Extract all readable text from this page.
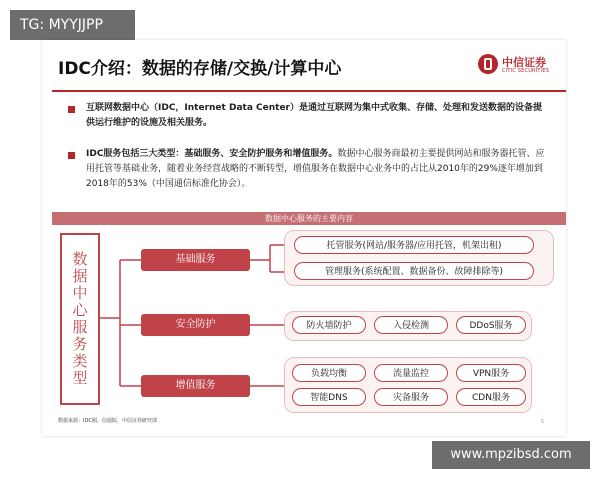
TG: MYYJJPP
IDC介绍：数据的存储/交换/计算中心	中信证券
CITIC SECURITIES
互联网数据中心（IDC，Internet Data Center）是通过互联网为集中式收集、存储、处理和发送数据的设备提供运行维护的设施及相关服务。
IDC服务包括三大类型：基础服务、安全防护服务和增值服务。数据中心服务商最初主要提供网站和服务器托管、应用托管等基础业务，随着业务经营战略的不断转型，增值服务在数据中心业务中的占比从2010年的29%逐年增加到2018年的53%（中国通信标准化协会）。
数据中心服务的主要内容
数据中心服务类型	基础服务
安全防护
增值服务
托管服务(网站/服务器/应用托管，机架出租)
管理服务(系统配置、数据备份、故障排除等)
防火墙防护	入侵检测	DDoS服务
负载均衡	流量监控	VPN服务
智能DNS	灾备服务	CDN服务
数据来源：IDC圈，信通院，中信证券研究部	5
www.mpzibsd.com
